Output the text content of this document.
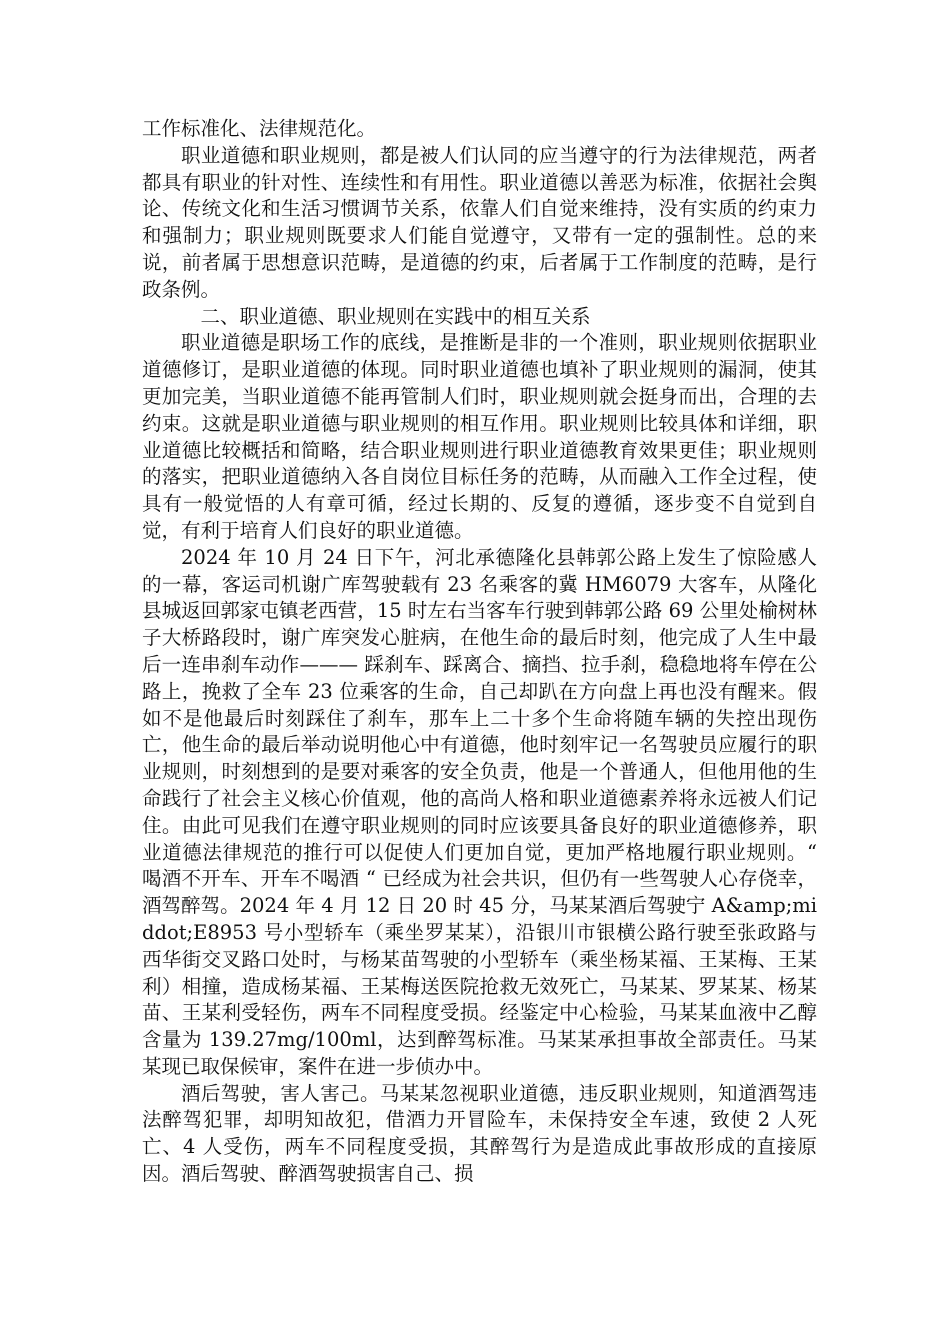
工作标准化、法律规范化。

职业道德和职业规则，都是被人们认同的应当遵守的行为法律规范，两者都具有职业的针对性、连续性和有用性。职业道德以善恶为标准，依据社会舆论、传统文化和生活习惯调节关系，依靠人们自觉来维持，没有实质的约束力和强制力；职业规则既要求人们能自觉遵守，又带有一定的强制性。总的来说，前者属于思想意识范畴，是道德的约束，后者属于工作制度的范畴，是行政条例。

二、职业道德、职业规则在实践中的相互关系

职业道德是职场工作的底线，是推断是非的一个准则，职业规则依据职业道德修订，是职业道德的体现。同时职业道德也填补了职业规则的漏洞，使其更加完美，当职业道德不能再管制人们时，职业规则就会挺身而出，合理的去约束。这就是职业道德与职业规则的相互作用。职业规则比较具体和详细，职业道德比较概括和简略，结合职业规则进行职业道德教育效果更佳；职业规则的落实，把职业道德纳入各自岗位目标任务的范畴，从而融入工作全过程，使具有一般觉悟的人有章可循，经过长期的、反复的遵循，逐步变不自觉到自觉，有利于培育人们良好的职业道德。

2024 年 10 月 24 日下午，河北承德隆化县韩郭公路上发生了惊险感人的一幕，客运司机谢广库驾驶载有 23 名乘客的冀 HM6079 大客车，从隆化县城返回郭家屯镇老西营，15 时左右当客车行驶到韩郭公路 69 公里处榆树林子大桥路段时，谢广库突发心脏病，在他生命的最后时刻，他完成了人生中最后一连串刹车动作——— 踩刹车、踩离合、摘挡、拉手刹，稳稳地将车停在公路上，挽救了全车 23 位乘客的生命，自己却趴在方向盘上再也没有醒来。假如不是他最后时刻踩住了刹车，那车上二十多个生命将随车辆的失控出现伤亡，他生命的最后举动说明他心中有道德，他时刻牢记一名驾驶员应履行的职业规则，时刻想到的是要对乘客的安全负责，他是一个普通人，但他用他的生命践行了社会主义核心价值观，他的高尚人格和职业道德素养将永远被人们记住。由此可见我们在遵守职业规则的同时应该要具备良好的职业道德修养，职业道德法律规范的推行可以促使人们更加自觉，更加严格地履行职业规则。“ 喝酒不开车、开车不喝酒 “ 已经成为社会共识，但仍有一些驾驶人心存侥幸，酒驾醉驾。2024 年 4 月 12 日 20 时 45 分，马某某酒后驾驶宁 A&amp;middot;E8953 号小型轿车（乘坐罗某某），沿银川市银横公路行驶至张政路与西华街交叉路口处时，与杨某苗驾驶的小型轿车（乘坐杨某福、王某梅、王某利）相撞，造成杨某福、王某梅送医院抢救无效死亡，马某某、罗某某、杨某苗、王某利受轻伤，两车不同程度受损。经鉴定中心检验，马某某血液中乙醇含量为 139.27mg/100ml，达到醉驾标准。马某某承担事故全部责任。马某某现已取保候审，案件在进一步侦办中。

酒后驾驶，害人害己。马某某忽视职业道德，违反职业规则，知道酒驾违法醉驾犯罪，却明知故犯，借酒力开冒险车，未保持安全车速，致使 2 人死亡、4 人受伤，两车不同程度受损，其醉驾行为是造成此事故形成的直接原因。酒后驾驶、醉酒驾驶损害自己、损
